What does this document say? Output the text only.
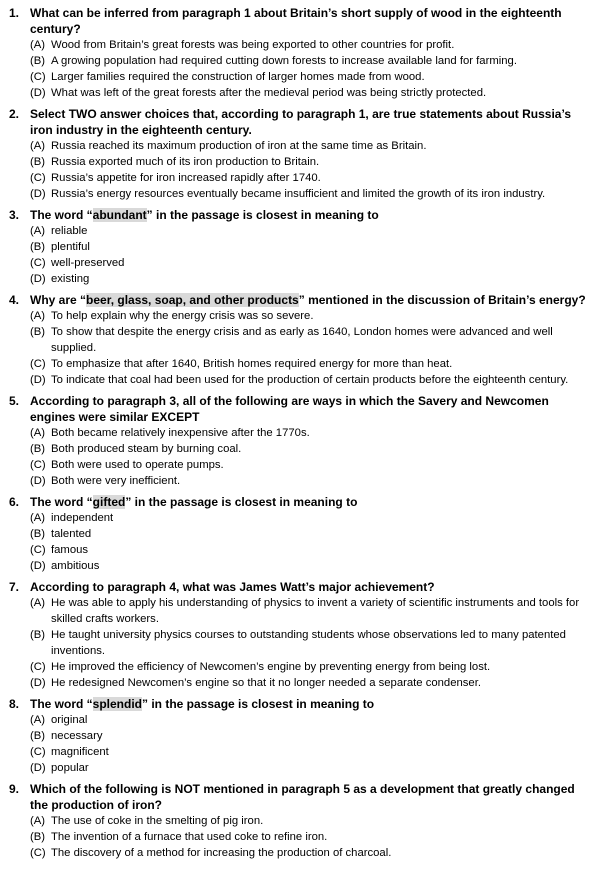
1. What can be inferred from paragraph 1 about Britain’s short supply of wood in the eighteenth century?
(A) Wood from Britain’s great forests was being exported to other countries for profit.
(B) A growing population had required cutting down forests to increase available land for farming.
(C) Larger families required the construction of larger homes made from wood.
(D) What was left of the great forests after the medieval period was being strictly protected.
2. Select TWO answer choices that, according to paragraph 1, are true statements about Russia’s iron industry in the eighteenth century.
(A) Russia reached its maximum production of iron at the same time as Britain.
(B) Russia exported much of its iron production to Britain.
(C) Russia’s appetite for iron increased rapidly after 1740.
(D) Russia’s energy resources eventually became insufficient and limited the growth of its iron industry.
3. The word “abundant” in the passage is closest in meaning to
(A) reliable
(B) plentiful
(C) well-preserved
(D) existing
4. Why are “beer, glass, soap, and other products” mentioned in the discussion of Britain’s energy?
(A) To help explain why the energy crisis was so severe.
(B) To show that despite the energy crisis and as early as 1640, London homes were advanced and well supplied.
(C) To emphasize that after 1640, British homes required energy for more than heat.
(D) To indicate that coal had been used for the production of certain products before the eighteenth century.
5. According to paragraph 3, all of the following are ways in which the Savery and Newcomen engines were similar EXCEPT
(A) Both became relatively inexpensive after the 1770s.
(B) Both produced steam by burning coal.
(C) Both were used to operate pumps.
(D) Both were very inefficient.
6. The word “gifted” in the passage is closest in meaning to
(A) independent
(B) talented
(C) famous
(D) ambitious
7. According to paragraph 4, what was James Watt’s major achievement?
(A) He was able to apply his understanding of physics to invent a variety of scientific instruments and tools for skilled crafts workers.
(B) He taught university physics courses to outstanding students whose observations led to many patented inventions.
(C) He improved the efficiency of Newcomen’s engine by preventing energy from being lost.
(D) He redesigned Newcomen’s engine so that it no longer needed a separate condenser.
8. The word “splendid” in the passage is closest in meaning to
(A) original
(B) necessary
(C) magnificent
(D) popular
9. Which of the following is NOT mentioned in paragraph 5 as a development that greatly changed the production of iron?
(A) The use of coke in the smelting of pig iron.
(B) The invention of a furnace that used coke to refine iron.
(C) The discovery of a method for increasing the production of charcoal.
